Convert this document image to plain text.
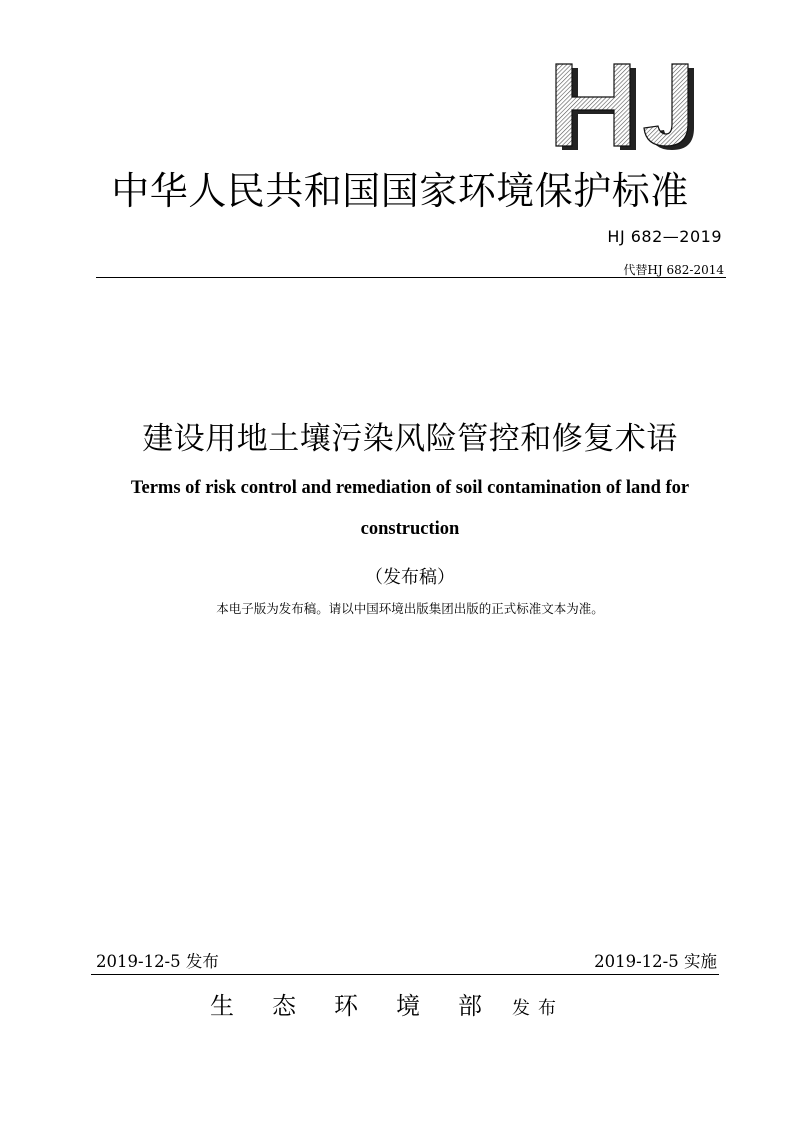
中华人民共和国国家环境保护标准
HJ 682—2019
代替HJ 682-2014
建设用地土壤污染风险管控和修复术语
Terms of risk control and remediation of soil contamination of land for
construction
（发布稿）
本电子版为发布稿。请以中国环境出版集团出版的正式标准文本为准。
2019-12-5 发布	2019-12-5 实施
生态环境部发布
